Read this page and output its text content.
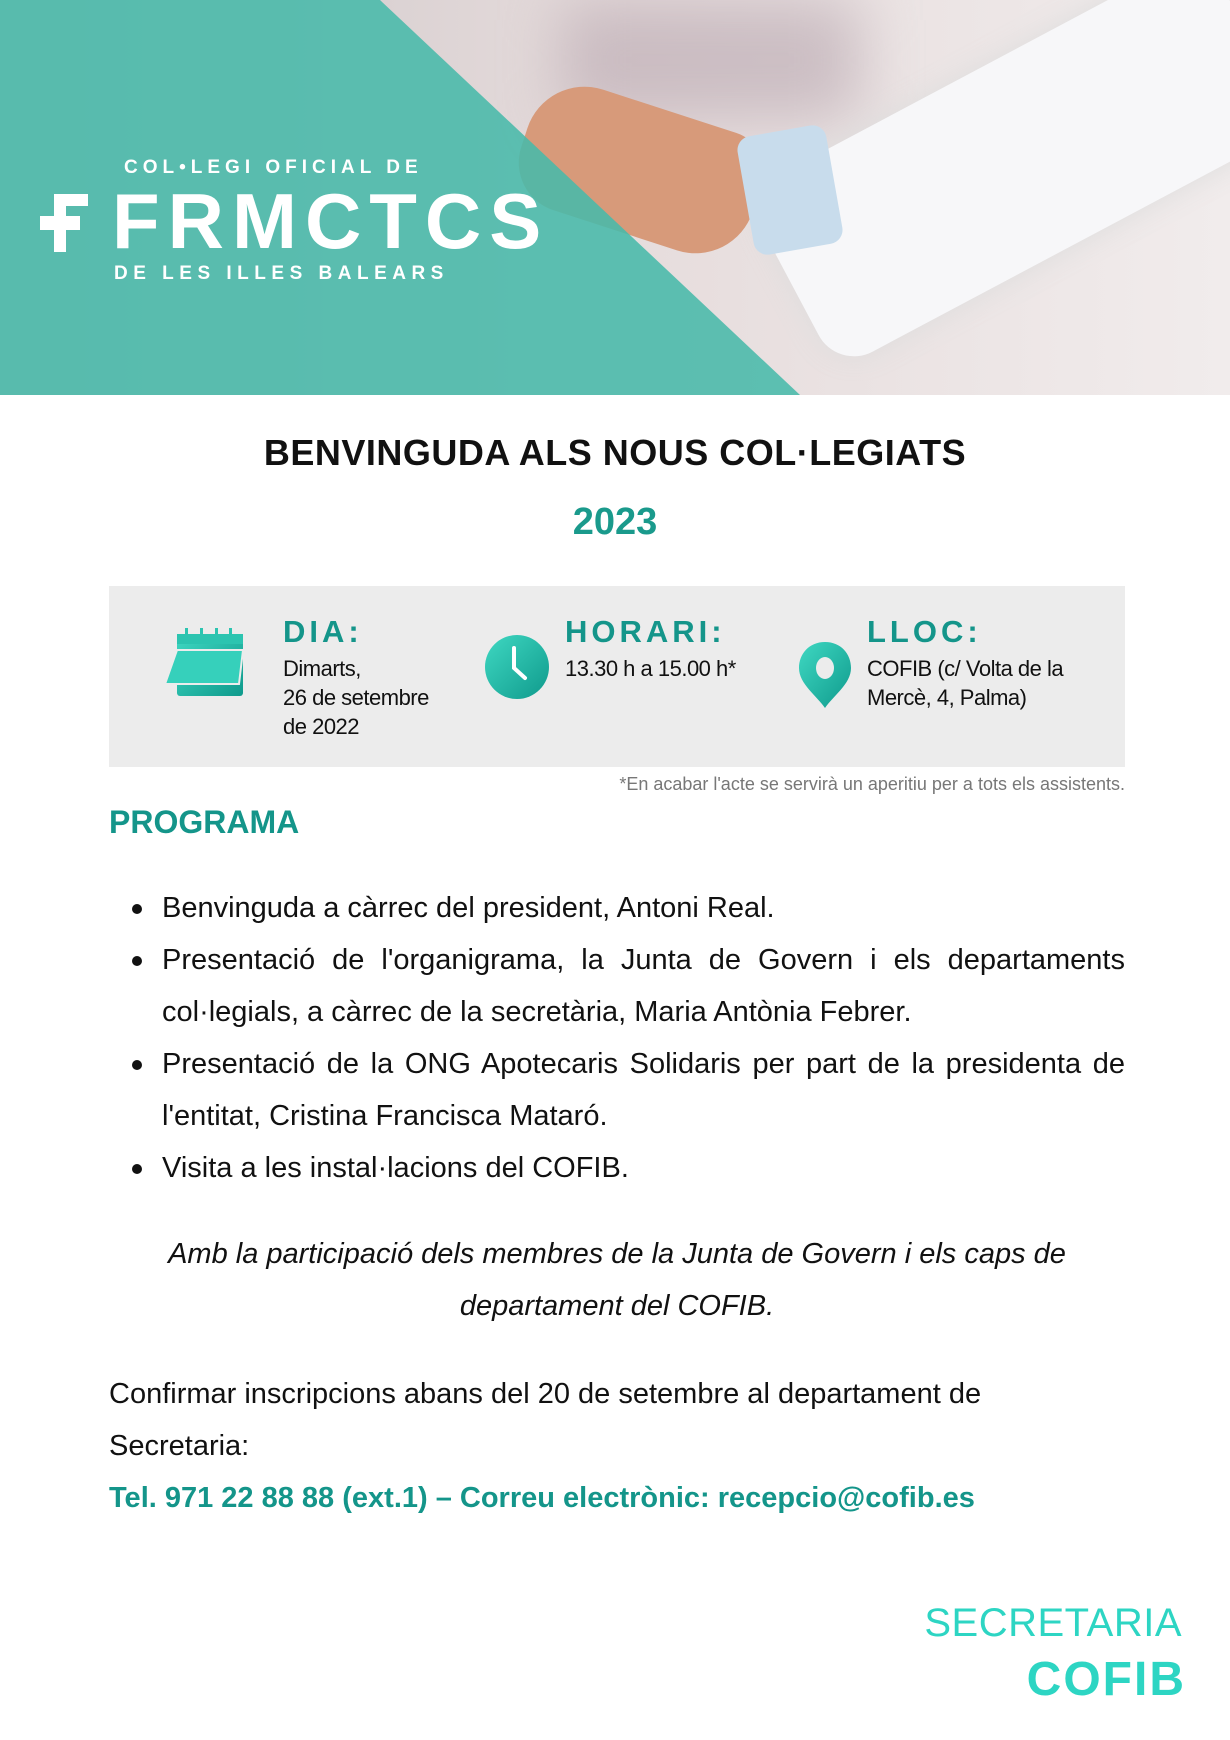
COL•LEGI OFICIAL DE
FRMCTCS
DE LES ILLES BALEARS
BENVINGUDA ALS NOUS COL·LEGIATS
2023
DIA:
Dimarts,
26 de setembre
de 2022
HORARI:
13.30 h a 15.00 h*
LLOC:
COFIB (c/ Volta de la
Mercè, 4, Palma)
*En acabar l'acte se servirà un aperitiu per a tots els assistents.
PROGRAMA
Benvinguda a càrrec del president, Antoni Real.
Presentació de l'organigrama, la Junta de Govern i els departaments col·legials, a càrrec de la secretària, Maria Antònia Febrer.
Presentació de la ONG Apotecaris Solidaris per part de la presidenta de l'entitat, Cristina Francisca Mataró.
Visita a les instal·lacions del COFIB.
Amb la participació dels membres de la Junta de Govern i els caps de departament del COFIB.
Confirmar inscripcions abans del 20 de setembre al departament de Secretaria:
Tel. 971 22 88 88 (ext.1) – Correu electrònic: recepcio@cofib.es
SECRETARIA
COFIB
